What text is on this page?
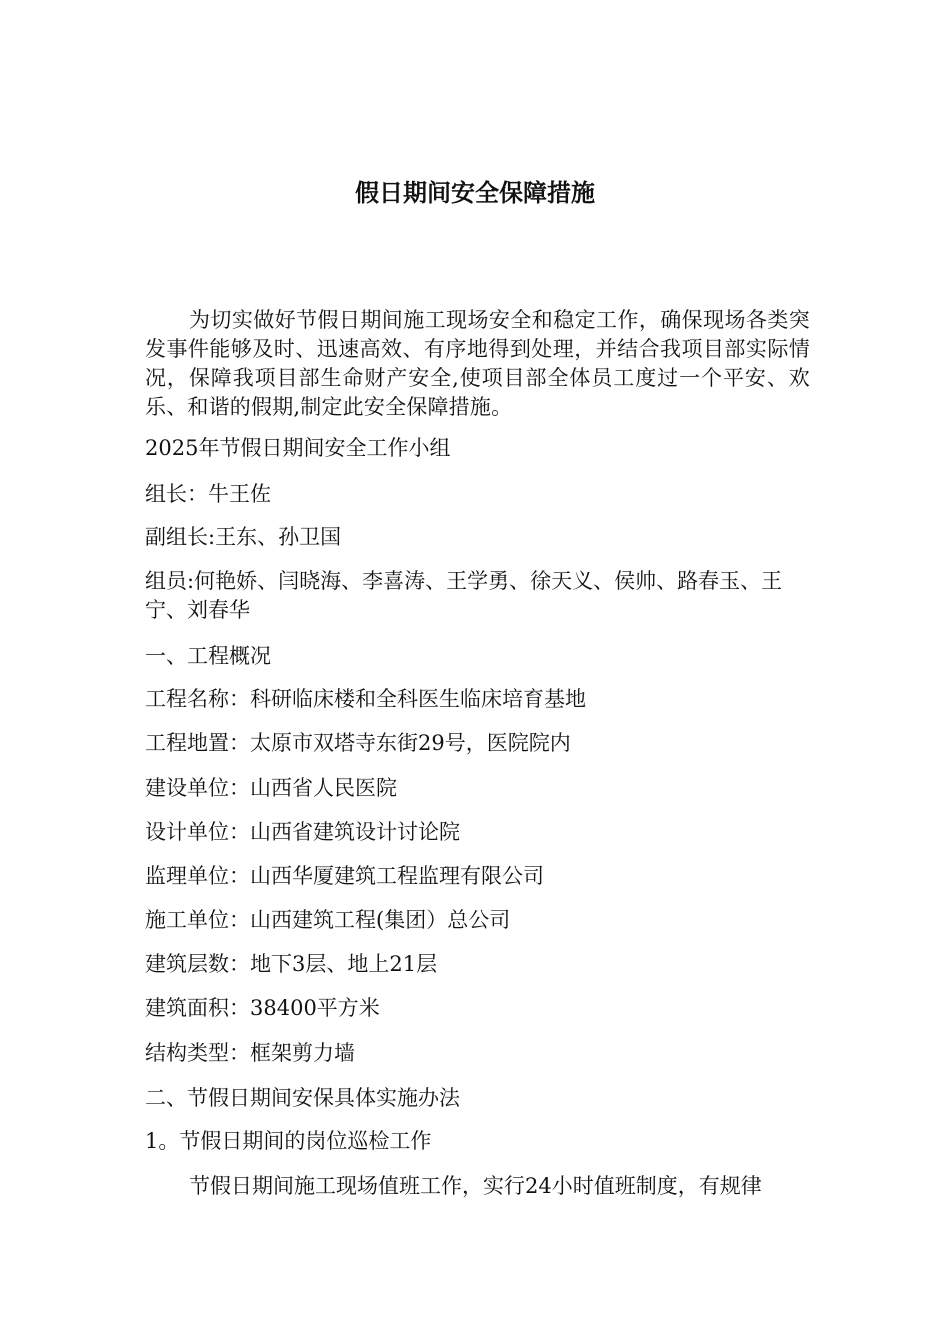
假日期间安全保障措施

为切实做好节假日期间施工现场安全和稳定工作，确保现场各类突发事件能够及时、迅速高效、有序地得到处理，并结合我项目部实际情况，保障我项目部生命财产安全,使项目部全体员工度过一个平安、欢乐、和谐的假期,制定此安全保障措施。

2025年节假日期间安全工作小组

组长：牛王佐

副组长:王东、孙卫国

组员:何艳娇、闫晓海、李喜涛、王学勇、徐天义、侯帅、路春玉、王宁、刘春华

一、工程概况

工程名称：科研临床楼和全科医生临床培育基地

工程地置：太原市双塔寺东街29号，医院院内

建设单位：山西省人民医院

设计单位：山西省建筑设计讨论院

监理单位：山西华厦建筑工程监理有限公司

施工单位：山西建筑工程(集团）总公司

建筑层数：地下3层、地上21层

建筑面积：38400平方米

结构类型：框架剪力墙

二、节假日期间安保具体实施办法

1。节假日期间的岗位巡检工作

节假日期间施工现场值班工作，实行24小时值班制度，有规律
